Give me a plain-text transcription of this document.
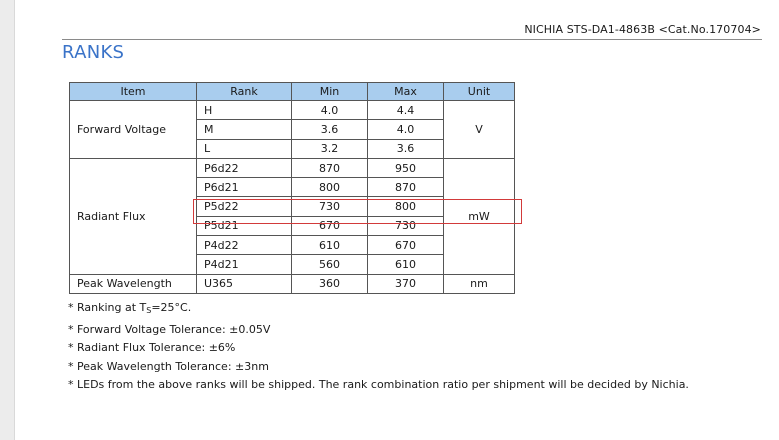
NICHIA STS-DA1-4863B <Cat.No.170704>
RANKS
Item	Rank	Min	Max	Unit
Forward Voltage	H	4.0	4.4	V
	M	3.6	4.0	
	L	3.2	3.6	
Radiant Flux	P6d22	870	950	mW
	P6d21	800	870	
	P5d22	730	800	
	P5d21	670	730	
	P4d22	610	670	
	P4d21	560	610	
Peak Wavelength	U365	360	370	nm
* Ranking at $T_S=25^\circ C$.
* Forward Voltage Tolerance: ±0.05V
* Radiant Flux Tolerance: ±6%
* Peak Wavelength Tolerance: ±3nm
* LEDs from the above ranks will be shipped. The rank combination ratio per shipment will be decided by Nichia.
